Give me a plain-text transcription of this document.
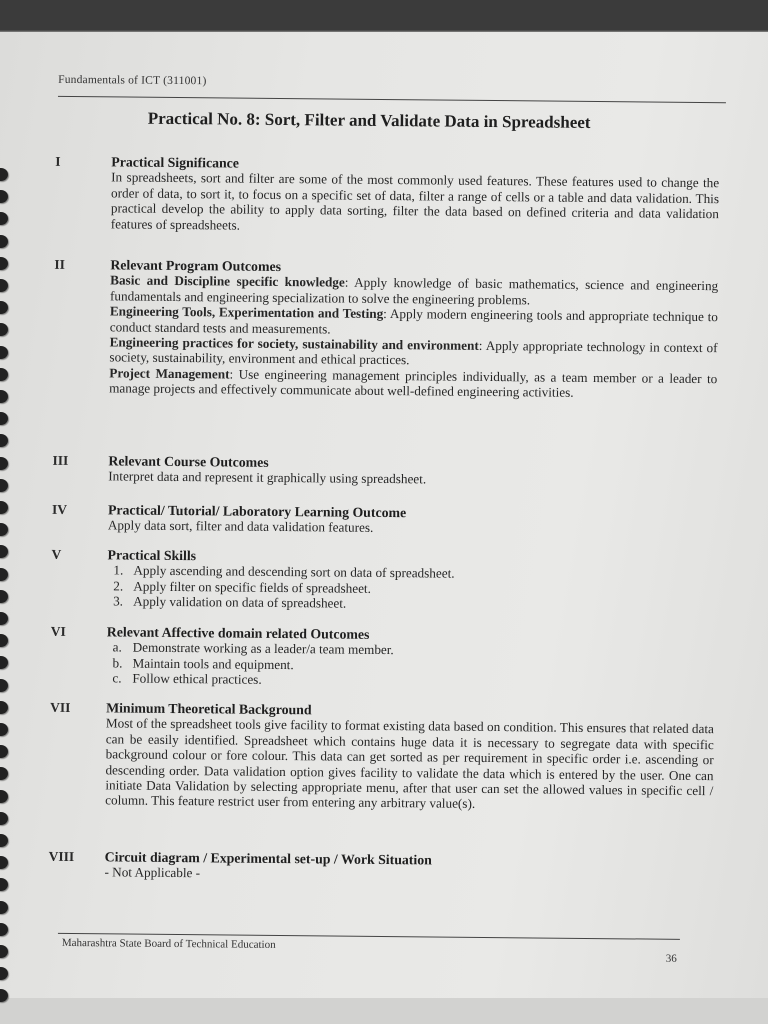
Fundamentals of ICT (311001)
Practical No. 8: Sort, Filter and Validate Data in Spreadsheet
I	Practical Significance
In spreadsheets, sort and filter are some of the most commonly used features. These features used to change the order of data, to sort it, to focus on a specific set of data, filter a range of cells or a table and data validation. This practical develop the ability to apply data sorting, filter the data based on defined criteria and data validation features of spreadsheets.
II	Relevant Program Outcomes
Basic and Discipline specific knowledge: Apply knowledge of basic mathematics, science and engineering fundamentals and engineering specialization to solve the engineering problems.
Engineering Tools, Experimentation and Testing: Apply modern engineering tools and appropriate technique to conduct standard tests and measurements.
Engineering practices for society, sustainability and environment: Apply appropriate technology in context of society, sustainability, environment and ethical practices.
Project Management: Use engineering management principles individually, as a team member or a leader to manage projects and effectively communicate about well-defined engineering activities.
III	Relevant Course Outcomes
Interpret data and represent it graphically using spreadsheet.
IV	Practical/ Tutorial/ Laboratory Learning Outcome
Apply data sort, filter and data validation features.
V	Practical Skills
1. Apply ascending and descending sort on data of spreadsheet.
2. Apply filter on specific fields of spreadsheet.
3. Apply validation on data of spreadsheet.
VI	Relevant Affective domain related Outcomes
a. Demonstrate working as a leader/a team member.
b. Maintain tools and equipment.
c. Follow ethical practices.
VII	Minimum Theoretical Background
Most of the spreadsheet tools give facility to format existing data based on condition. This ensures that related data can be easily identified. Spreadsheet which contains huge data it is necessary to segregate data with specific background colour or fore colour. This data can get sorted as per requirement in specific order i.e. ascending or descending order. Data validation option gives facility to validate the data which is entered by the user. One can initiate Data Validation by selecting appropriate menu, after that user can set the allowed values in specific cell / column. This feature restrict user from entering any arbitrary value(s).
VIII	Circuit diagram / Experimental set-up / Work Situation
- Not Applicable -
Maharashtra State Board of Technical Education
36
